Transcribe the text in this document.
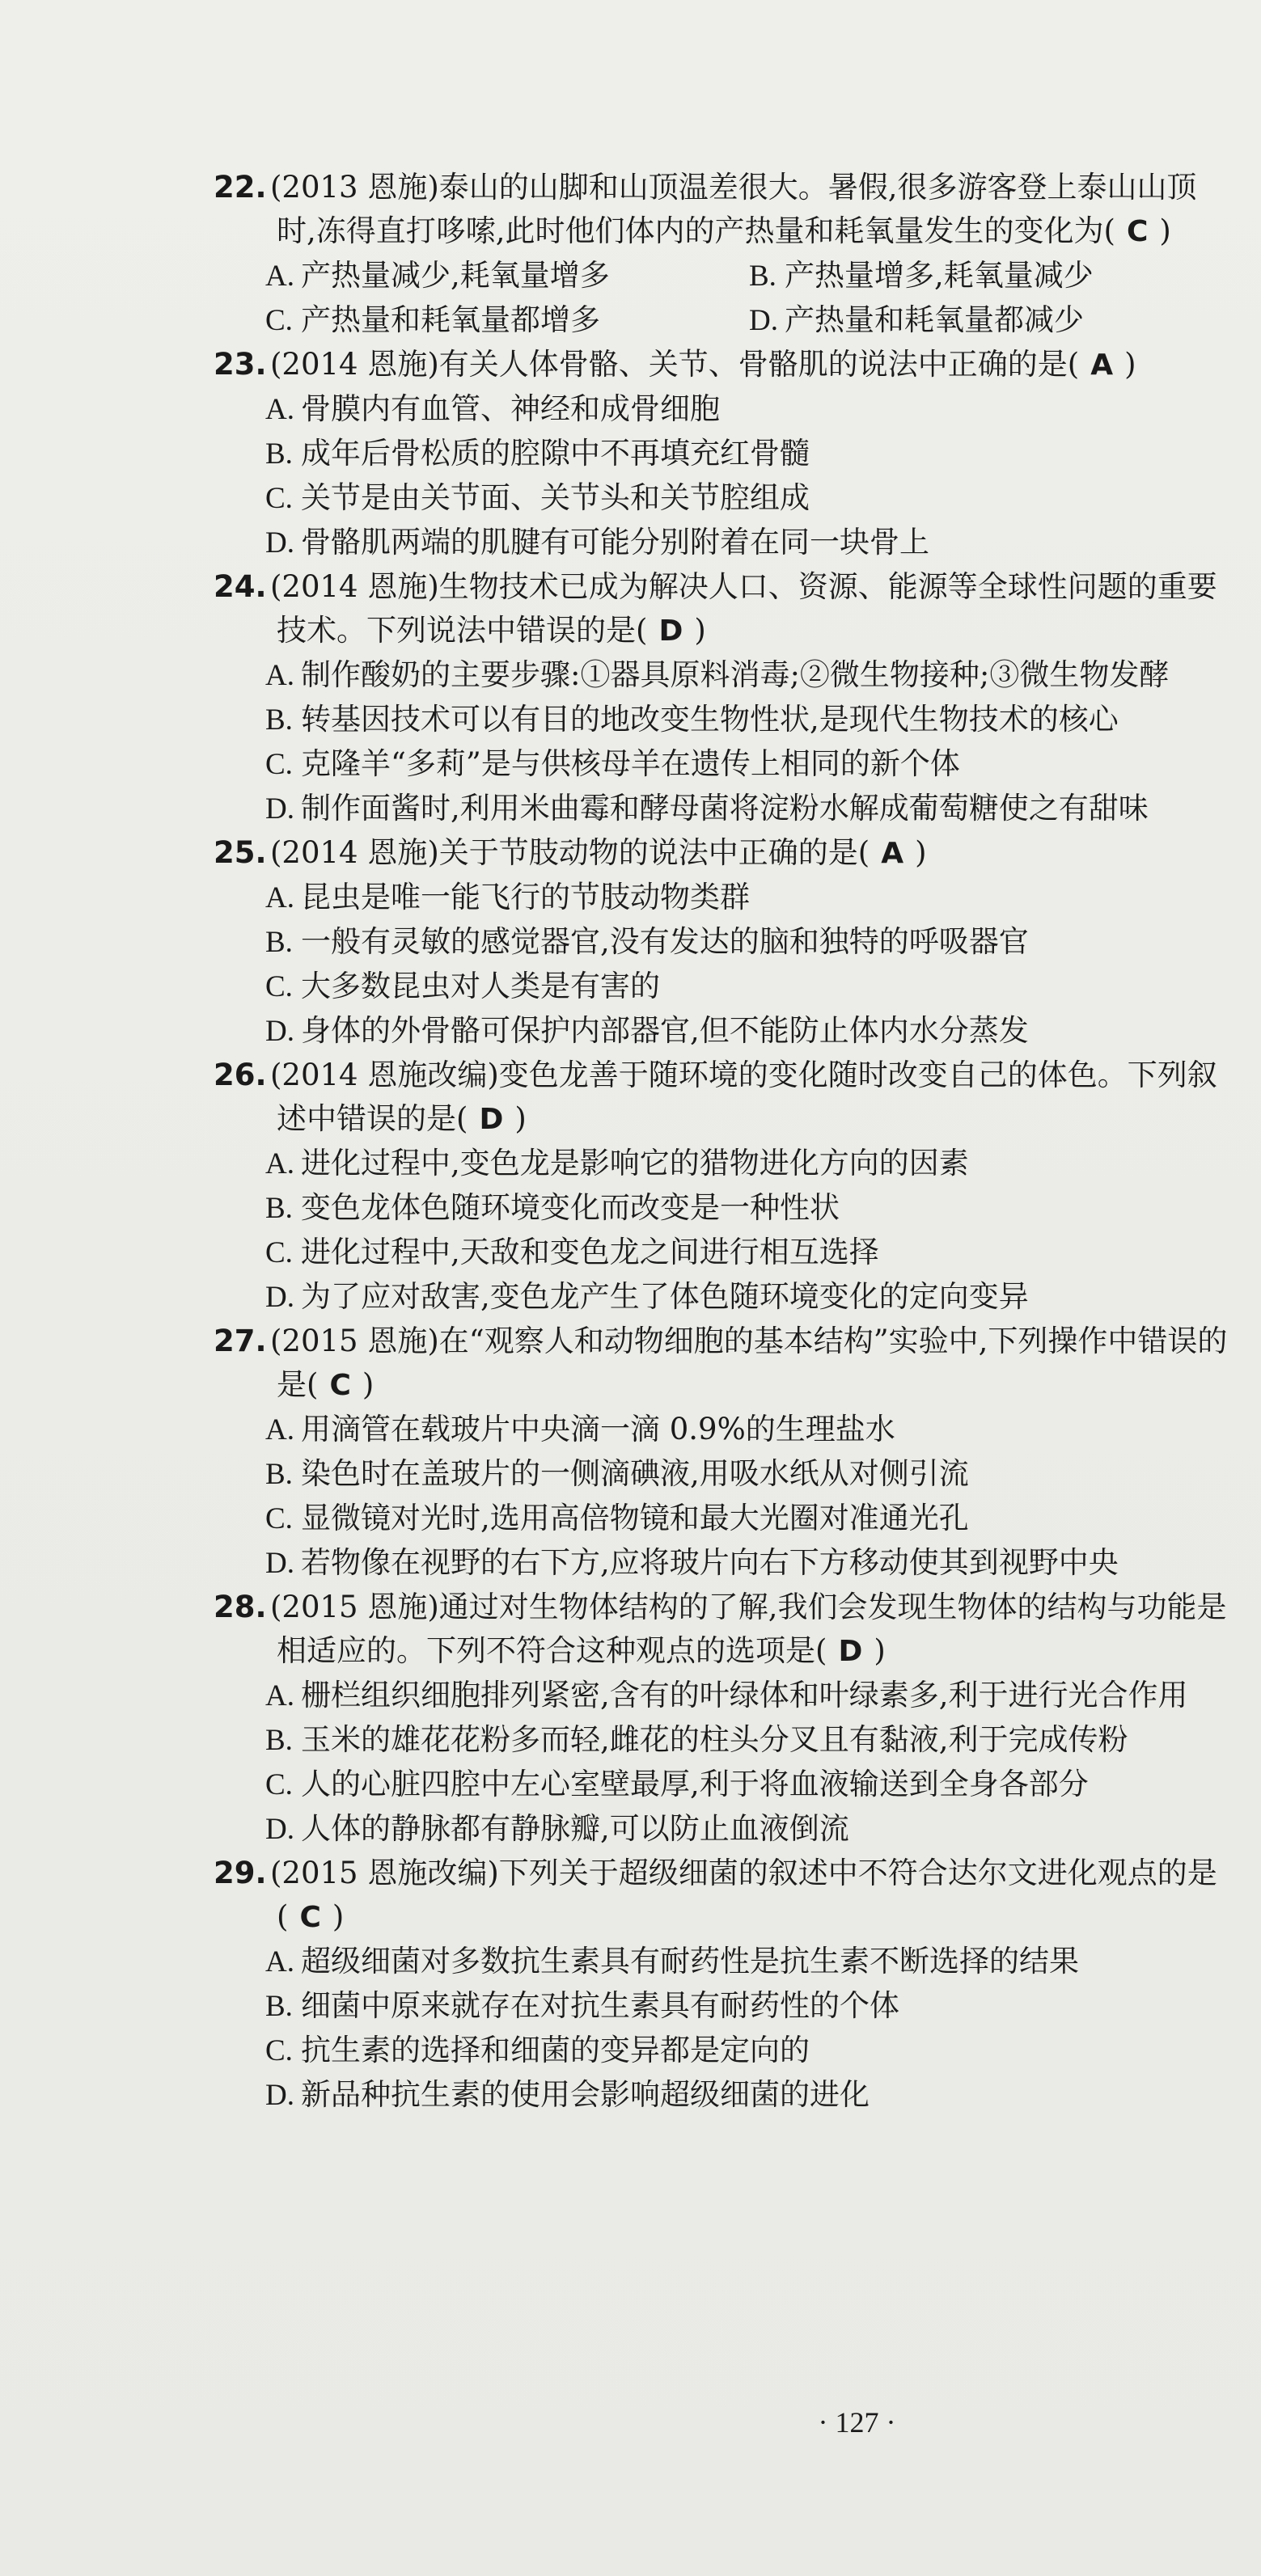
22. (2013 恩施)泰山的山脚和山顶温差很大。暑假,很多游客登上泰山山顶时,冻得直打哆嗦,此时他们体内的产热量和耗氧量发生的变化为( C )
A. 产热量减少,耗氧量增多	B. 产热量增多,耗氧量减少
C. 产热量和耗氧量都增多	D. 产热量和耗氧量都减少
23. (2014 恩施)有关人体骨骼、关节、骨骼肌的说法中正确的是( A )
A. 骨膜内有血管、神经和成骨细胞
B. 成年后骨松质的腔隙中不再填充红骨髓
C. 关节是由关节面、关节头和关节腔组成
D. 骨骼肌两端的肌腱有可能分别附着在同一块骨上
24. (2014 恩施)生物技术已成为解决人口、资源、能源等全球性问题的重要技术。下列说法中错误的是( D )
A. 制作酸奶的主要步骤:①器具原料消毒;②微生物接种;③微生物发酵
B. 转基因技术可以有目的地改变生物性状,是现代生物技术的核心
C. 克隆羊“多莉”是与供核母羊在遗传上相同的新个体
D. 制作面酱时,利用米曲霉和酵母菌将淀粉水解成葡萄糖使之有甜味
25. (2014 恩施)关于节肢动物的说法中正确的是( A )
A. 昆虫是唯一能飞行的节肢动物类群
B. 一般有灵敏的感觉器官,没有发达的脑和独特的呼吸器官
C. 大多数昆虫对人类是有害的
D. 身体的外骨骼可保护内部器官,但不能防止体内水分蒸发
26. (2014 恩施改编)变色龙善于随环境的变化随时改变自己的体色。下列叙述中错误的是( D )
A. 进化过程中,变色龙是影响它的猎物进化方向的因素
B. 变色龙体色随环境变化而改变是一种性状
C. 进化过程中,天敌和变色龙之间进行相互选择
D. 为了应对敌害,变色龙产生了体色随环境变化的定向变异
27. (2015 恩施)在“观察人和动物细胞的基本结构”实验中,下列操作中错误的是( C )
A. 用滴管在载玻片中央滴一滴 0.9%的生理盐水
B. 染色时在盖玻片的一侧滴碘液,用吸水纸从对侧引流
C. 显微镜对光时,选用高倍物镜和最大光圈对准通光孔
D. 若物像在视野的右下方,应将玻片向右下方移动使其到视野中央
28. (2015 恩施)通过对生物体结构的了解,我们会发现生物体的结构与功能是相适应的。下列不符合这种观点的选项是( D )
A. 栅栏组织细胞排列紧密,含有的叶绿体和叶绿素多,利于进行光合作用
B. 玉米的雄花花粉多而轻,雌花的柱头分叉且有黏液,利于完成传粉
C. 人的心脏四腔中左心室壁最厚,利于将血液输送到全身各部分
D. 人体的静脉都有静脉瓣,可以防止血液倒流
29. (2015 恩施改编)下列关于超级细菌的叙述中不符合达尔文进化观点的是( C )
A. 超级细菌对多数抗生素具有耐药性是抗生素不断选择的结果
B. 细菌中原来就存在对抗生素具有耐药性的个体
C. 抗生素的选择和细菌的变异都是定向的
D. 新品种抗生素的使用会影响超级细菌的进化
· 127 ·
